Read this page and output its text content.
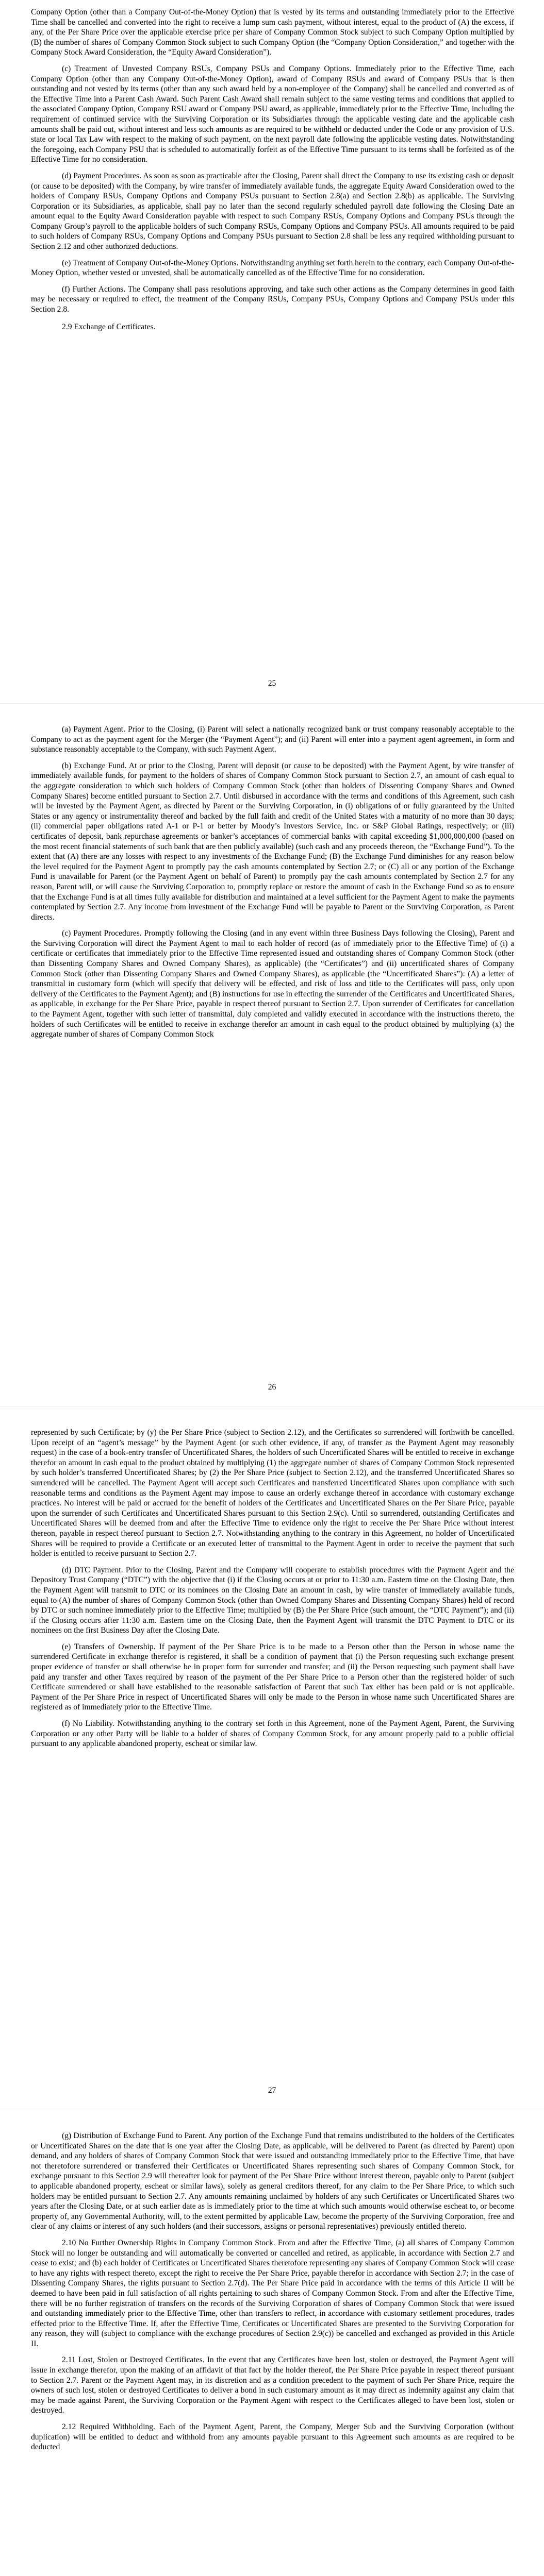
Company Option (other than a Company Out-of-the-Money Option) that is vested by its terms and outstanding immediately prior to the Effective Time shall be cancelled and converted into the right to receive a lump sum cash payment, without interest, equal to the product of (A) the excess, if any, of the Per Share Price over the applicable exercise price per share of Company Common Stock subject to such Company Option multiplied by (B) the number of shares of Company Common Stock subject to such Company Option (the “Company Option Consideration,” and together with the Company Stock Award Consideration, the “Equity Award Consideration”).

(c) Treatment of Unvested Company RSUs, Company PSUs and Company Options. Immediately prior to the Effective Time, each Company Option (other than any Company Out-of-the-Money Option), award of Company RSUs and award of Company PSUs that is then outstanding and not vested by its terms (other than any such award held by a non-employee of the Company) shall be cancelled and converted as of the Effective Time into a Parent Cash Award. Such Parent Cash Award shall remain subject to the same vesting terms and conditions that applied to the associated Company Option, Company RSU award or Company PSU award, as applicable, immediately prior to the Effective Time, including the requirement of continued service with the Surviving Corporation or its Subsidiaries through the applicable vesting date and the applicable cash amounts shall be paid out, without interest and less such amounts as are required to be withheld or deducted under the Code or any provision of U.S. state or local Tax Law with respect to the making of such payment, on the next payroll date following the applicable vesting dates. Notwithstanding the foregoing, each Company PSU that is scheduled to automatically forfeit as of the Effective Time pursuant to its terms shall be forfeited as of the Effective Time for no consideration.

(d) Payment Procedures. As soon as soon as practicable after the Closing, Parent shall direct the Company to use its existing cash or deposit (or cause to be deposited) with the Company, by wire transfer of immediately available funds, the aggregate Equity Award Consideration owed to the holders of Company RSUs, Company Options and Company PSUs pursuant to Section 2.8(a) and Section 2.8(b) as applicable. The Surviving Corporation or its Subsidiaries, as applicable, shall pay no later than the second regularly scheduled payroll date following the Closing Date an amount equal to the Equity Award Consideration payable with respect to such Company RSUs, Company Options and Company PSUs through the Company Group’s payroll to the applicable holders of such Company RSUs, Company Options and Company PSUs. All amounts required to be paid to such holders of Company RSUs, Company Options and Company PSUs pursuant to Section 2.8 shall be less any required withholding pursuant to Section 2.12 and other authorized deductions.

(e) Treatment of Company Out-of-the-Money Options. Notwithstanding anything set forth herein to the contrary, each Company Out-of-the-Money Option, whether vested or unvested, shall be automatically cancelled as of the Effective Time for no consideration.

(f) Further Actions. The Company shall pass resolutions approving, and take such other actions as the Company determines in good faith may be necessary or required to effect, the treatment of the Company RSUs, Company PSUs, Company Options and Company PSUs under this Section 2.8.

2.9 Exchange of Certificates.

25

(a) Payment Agent. Prior to the Closing, (i) Parent will select a nationally recognized bank or trust company reasonably acceptable to the Company to act as the payment agent for the Merger (the “Payment Agent”); and (ii) Parent will enter into a payment agent agreement, in form and substance reasonably acceptable to the Company, with such Payment Agent.

(b) Exchange Fund. At or prior to the Closing, Parent will deposit (or cause to be deposited) with the Payment Agent, by wire transfer of immediately available funds, for payment to the holders of shares of Company Common Stock pursuant to Section 2.7, an amount of cash equal to the aggregate consideration to which such holders of Company Common Stock (other than holders of Dissenting Company Shares and Owned Company Shares) become entitled pursuant to Section 2.7. Until disbursed in accordance with the terms and conditions of this Agreement, such cash will be invested by the Payment Agent, as directed by Parent or the Surviving Corporation, in (i) obligations of or fully guaranteed by the United States or any agency or instrumentality thereof and backed by the full faith and credit of the United States with a maturity of no more than 30 days; (ii) commercial paper obligations rated A-1 or P-1 or better by Moody’s Investors Service, Inc. or S&P Global Ratings, respectively; or (iii) certificates of deposit, bank repurchase agreements or banker’s acceptances of commercial banks with capital exceeding $1,000,000,000 (based on the most recent financial statements of such bank that are then publicly available) (such cash and any proceeds thereon, the “Exchange Fund”). To the extent that (A) there are any losses with respect to any investments of the Exchange Fund; (B) the Exchange Fund diminishes for any reason below the level required for the Payment Agent to promptly pay the cash amounts contemplated by Section 2.7; or (C) all or any portion of the Exchange Fund is unavailable for Parent (or the Payment Agent on behalf of Parent) to promptly pay the cash amounts contemplated by Section 2.7 for any reason, Parent will, or will cause the Surviving Corporation to, promptly replace or restore the amount of cash in the Exchange Fund so as to ensure that the Exchange Fund is at all times fully available for distribution and maintained at a level sufficient for the Payment Agent to make the payments contemplated by Section 2.7. Any income from investment of the Exchange Fund will be payable to Parent or the Surviving Corporation, as Parent directs.

(c) Payment Procedures. Promptly following the Closing (and in any event within three Business Days following the Closing), Parent and the Surviving Corporation will direct the Payment Agent to mail to each holder of record (as of immediately prior to the Effective Time) of (i) a certificate or certificates that immediately prior to the Effective Time represented issued and outstanding shares of Company Common Stock (other than Dissenting Company Shares and Owned Company Shares), as applicable) (the “Certificates”) and (ii) uncertificated shares of Company Common Stock (other than Dissenting Company Shares and Owned Company Shares), as applicable (the “Uncertificated Shares”): (A) a letter of transmittal in customary form (which will specify that delivery will be effected, and risk of loss and title to the Certificates will pass, only upon delivery of the Certificates to the Payment Agent); and (B) instructions for use in effecting the surrender of the Certificates and Uncertificated Shares, as applicable, in exchange for the Per Share Price, payable in respect thereof pursuant to Section 2.7. Upon surrender of Certificates for cancellation to the Payment Agent, together with such letter of transmittal, duly completed and validly executed in accordance with the instructions thereto, the holders of such Certificates will be entitled to receive in exchange therefor an amount in cash equal to the product obtained by multiplying (x) the aggregate number of shares of Company Common Stock

26

represented by such Certificate; by (y) the Per Share Price (subject to Section 2.12), and the Certificates so surrendered will forthwith be cancelled. Upon receipt of an “agent’s message” by the Payment Agent (or such other evidence, if any, of transfer as the Payment Agent may reasonably request) in the case of a book-entry transfer of Uncertificated Shares, the holders of such Uncertificated Shares will be entitled to receive in exchange therefor an amount in cash equal to the product obtained by multiplying (1) the aggregate number of shares of Company Common Stock represented by such holder’s transferred Uncertificated Shares; by (2) the Per Share Price (subject to Section 2.12), and the transferred Uncertificated Shares so surrendered will be cancelled. The Payment Agent will accept such Certificates and transferred Uncertificated Shares upon compliance with such reasonable terms and conditions as the Payment Agent may impose to cause an orderly exchange thereof in accordance with customary exchange practices. No interest will be paid or accrued for the benefit of holders of the Certificates and Uncertificated Shares on the Per Share Price, payable upon the surrender of such Certificates and Uncertificated Shares pursuant to this Section 2.9(c). Until so surrendered, outstanding Certificates and Uncertificated Shares will be deemed from and after the Effective Time to evidence only the right to receive the Per Share Price without interest thereon, payable in respect thereof pursuant to Section 2.7. Notwithstanding anything to the contrary in this Agreement, no holder of Uncertificated Shares will be required to provide a Certificate or an executed letter of transmittal to the Payment Agent in order to receive the payment that such holder is entitled to receive pursuant to Section 2.7.

(d) DTC Payment. Prior to the Closing, Parent and the Company will cooperate to establish procedures with the Payment Agent and the Depository Trust Company (“DTC”) with the objective that (i) if the Closing occurs at or prior to 11:30 a.m. Eastern time on the Closing Date, then the Payment Agent will transmit to DTC or its nominees on the Closing Date an amount in cash, by wire transfer of immediately available funds, equal to (A) the number of shares of Company Common Stock (other than Owned Company Shares and Dissenting Company Shares) held of record by DTC or such nominee immediately prior to the Effective Time; multiplied by (B) the Per Share Price (such amount, the “DTC Payment”); and (ii) if the Closing occurs after 11:30 a.m. Eastern time on the Closing Date, then the Payment Agent will transmit the DTC Payment to DTC or its nominees on the first Business Day after the Closing Date.

(e) Transfers of Ownership. If payment of the Per Share Price is to be made to a Person other than the Person in whose name the surrendered Certificate in exchange therefor is registered, it shall be a condition of payment that (i) the Person requesting such exchange present proper evidence of transfer or shall otherwise be in proper form for surrender and transfer; and (ii) the Person requesting such payment shall have paid any transfer and other Taxes required by reason of the payment of the Per Share Price to a Person other than the registered holder of such Certificate surrendered or shall have established to the reasonable satisfaction of Parent that such Tax either has been paid or is not applicable. Payment of the Per Share Price in respect of Uncertificated Shares will only be made to the Person in whose name such Uncertificated Shares are registered as of immediately prior to the Effective Time.

(f) No Liability. Notwithstanding anything to the contrary set forth in this Agreement, none of the Payment Agent, Parent, the Surviving Corporation or any other Party will be liable to a holder of shares of Company Common Stock, for any amount properly paid to a public official pursuant to any applicable abandoned property, escheat or similar law.

27

(g) Distribution of Exchange Fund to Parent. Any portion of the Exchange Fund that remains undistributed to the holders of the Certificates or Uncertificated Shares on the date that is one year after the Closing Date, as applicable, will be delivered to Parent (as directed by Parent) upon demand, and any holders of shares of Company Common Stock that were issued and outstanding immediately prior to the Effective Time, that have not theretofore surrendered or transferred their Certificates or Uncertificated Shares representing such shares of Company Common Stock, for exchange pursuant to this Section 2.9 will thereafter look for payment of the Per Share Price without interest thereon, payable only to Parent (subject to applicable abandoned property, escheat or similar laws), solely as general creditors thereof, for any claim to the Per Share Price, to which such holders may be entitled pursuant to Section 2.7. Any amounts remaining unclaimed by holders of any such Certificates or Uncertificated Shares two years after the Closing Date, or at such earlier date as is immediately prior to the time at which such amounts would otherwise escheat to, or become property of, any Governmental Authority, will, to the extent permitted by applicable Law, become the property of the Surviving Corporation, free and clear of any claims or interest of any such holders (and their successors, assigns or personal representatives) previously entitled thereto.

2.10 No Further Ownership Rights in Company Common Stock. From and after the Effective Time, (a) all shares of Company Common Stock will no longer be outstanding and will automatically be converted or cancelled and retired, as applicable, in accordance with Section 2.7 and cease to exist; and (b) each holder of Certificates or Uncertificated Shares theretofore representing any shares of Company Common Stock will cease to have any rights with respect thereto, except the right to receive the Per Share Price, payable therefor in accordance with Section 2.7; in the case of Dissenting Company Shares, the rights pursuant to Section 2.7(d). The Per Share Price paid in accordance with the terms of this Article II will be deemed to have been paid in full satisfaction of all rights pertaining to such shares of Company Common Stock. From and after the Effective Time, there will be no further registration of transfers on the records of the Surviving Corporation of shares of Company Common Stock that were issued and outstanding immediately prior to the Effective Time, other than transfers to reflect, in accordance with customary settlement procedures, trades effected prior to the Effective Time. If, after the Effective Time, Certificates or Uncertificated Shares are presented to the Surviving Corporation for any reason, they will (subject to compliance with the exchange procedures of Section 2.9(c)) be cancelled and exchanged as provided in this Article II.

2.11 Lost, Stolen or Destroyed Certificates. In the event that any Certificates have been lost, stolen or destroyed, the Payment Agent will issue in exchange therefor, upon the making of an affidavit of that fact by the holder thereof, the Per Share Price payable in respect thereof pursuant to Section 2.7. Parent or the Payment Agent may, in its discretion and as a condition precedent to the payment of such Per Share Price, require the owners of such lost, stolen or destroyed Certificates to deliver a bond in such customary amount as it may direct as indemnity against any claim that may be made against Parent, the Surviving Corporation or the Payment Agent with respect to the Certificates alleged to have been lost, stolen or destroyed.

2.12 Required Withholding. Each of the Payment Agent, Parent, the Company, Merger Sub and the Surviving Corporation (without duplication) will be entitled to deduct and withhold from any amounts payable pursuant to this Agreement such amounts as are required to be deducted
